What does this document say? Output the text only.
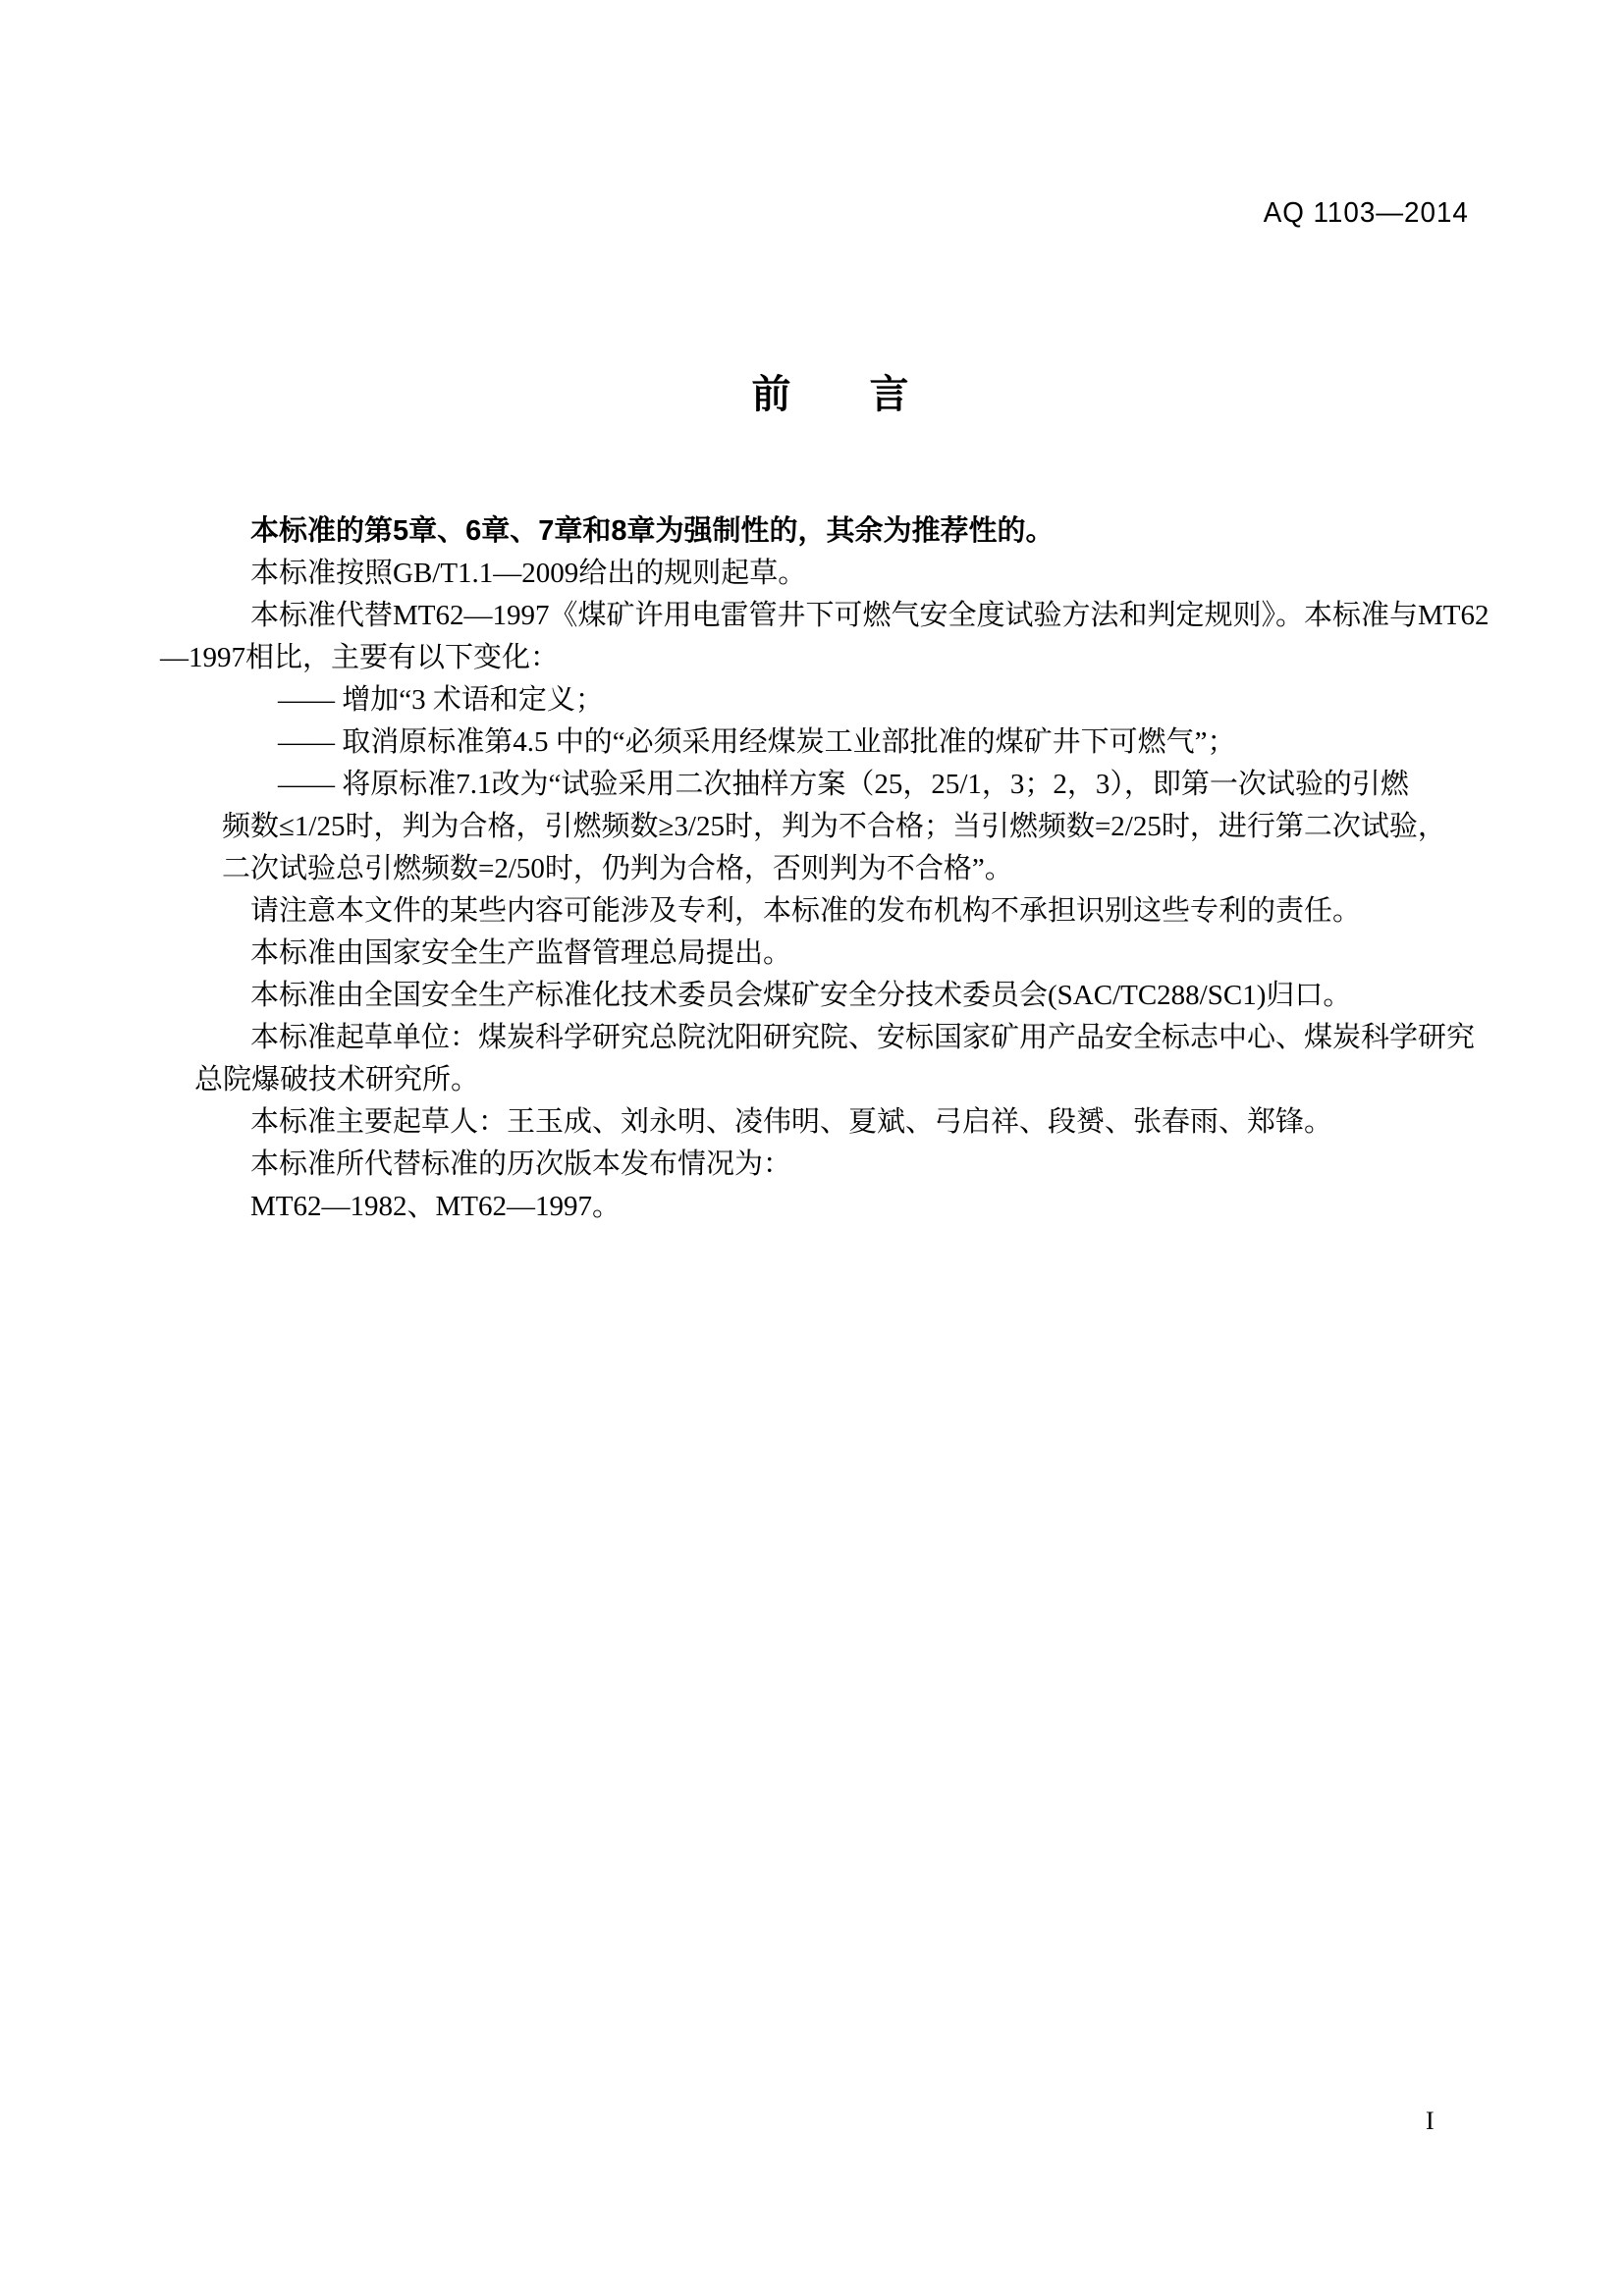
AQ 1103—2014
前　　言
本标准的第5章、6章、7章和8章为强制性的，其余为推荐性的。
本标准按照GB/T1.1—2009给出的规则起草。
本标准代替MT62—1997《煤矿许用电雷管井下可燃气安全度试验方法和判定规则》。本标准与MT62
—1997相比，主要有以下变化：
—— 增加“3 术语和定义；
—— 取消原标准第4.5 中的“必须采用经煤炭工业部批准的煤矿井下可燃气”；
—— 将原标准7.1改为“试验采用二次抽样方案（25，25/1，3；2，3），即第一次试验的引燃
频数≤1/25时，判为合格，引燃频数≥3/25时，判为不合格；当引燃频数=2/25时，进行第二次试验，
二次试验总引燃频数=2/50时，仍判为合格，否则判为不合格”。
请注意本文件的某些内容可能涉及专利，本标准的发布机构不承担识别这些专利的责任。
本标准由国家安全生产监督管理总局提出。
本标准由全国安全生产标准化技术委员会煤矿安全分技术委员会(SAC/TC288/SC1)归口。
本标准起草单位：煤炭科学研究总院沈阳研究院、安标国家矿用产品安全标志中心、煤炭科学研究
总院爆破技术研究所。
本标准主要起草人：王玉成、刘永明、凌伟明、夏斌、弓启祥、段赟、张春雨、郑锋。
本标准所代替标准的历次版本发布情况为：
MT62—1982、MT62—1997。
I
